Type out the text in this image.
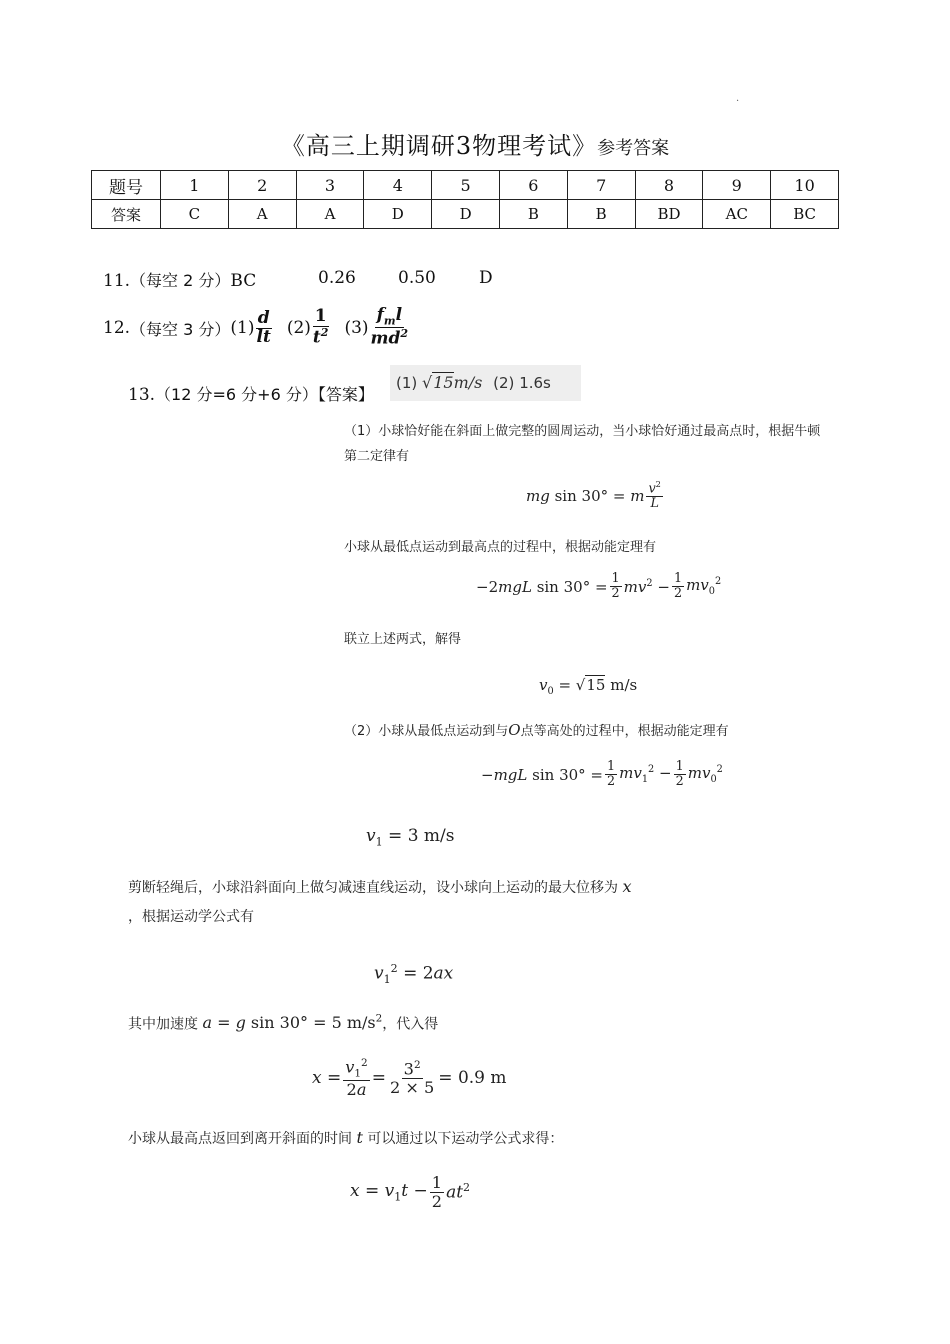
·
《高三上期调研3物理考试》参考答案
题号	1	2	3	4	5	6	7	8	9	10
答案	C	A	A	D	D	B	B	BD	AC	BC
11.（每空 2 分）BC	0.26 0.50	D
12. （每空 3 分） $(1) \frac{d}{lt} (2) \frac{1}{t^2} (3) \frac{f_ml}{md^2}$
13.（12 分=6 分+6 分）【答案】
(1) √15m/s (2) 1.6s
（1）小球恰好能在斜面上做完整的圆周运动，当小球恰好通过最高点时，根据牛顿
第二定律有
mg sin 30° = m $v^2$
L
小球从最低点运动到最高点的过程中，根据动能定理有
−2mgL $\sin 30^\circ = \frac{1}{2} mv^2 - \frac{1}{2} mv_0^2$
联立上述两式，解得
$v_0 = √15$ m/s
（2）小球从最低点运动到与O点等高处的过程中，根据动能定理有
−mgL $\sin 30^\circ = \frac{1}{2} mv_1^2 - \frac{1}{2} mv_0^2$
$v_1 = 3$ m/s
剪断轻绳后，小球沿斜面向上做匀减速直线运动，设小球向上运动的最大位移为 x
，根据运动学公式有
$v_1^2 = 2ax$
其中加速度 a = g sin 30° = 5 $m/s^2$，代入得
$x = \frac{v_1^2}{2a} = \frac{3^2}{2 \times 5} = 0.9$ m
小球从最高点返回到离开斜面的时间 t 可以通过以下运动学公式求得：
$x = v_1t - \frac{1}{2} at^2$
